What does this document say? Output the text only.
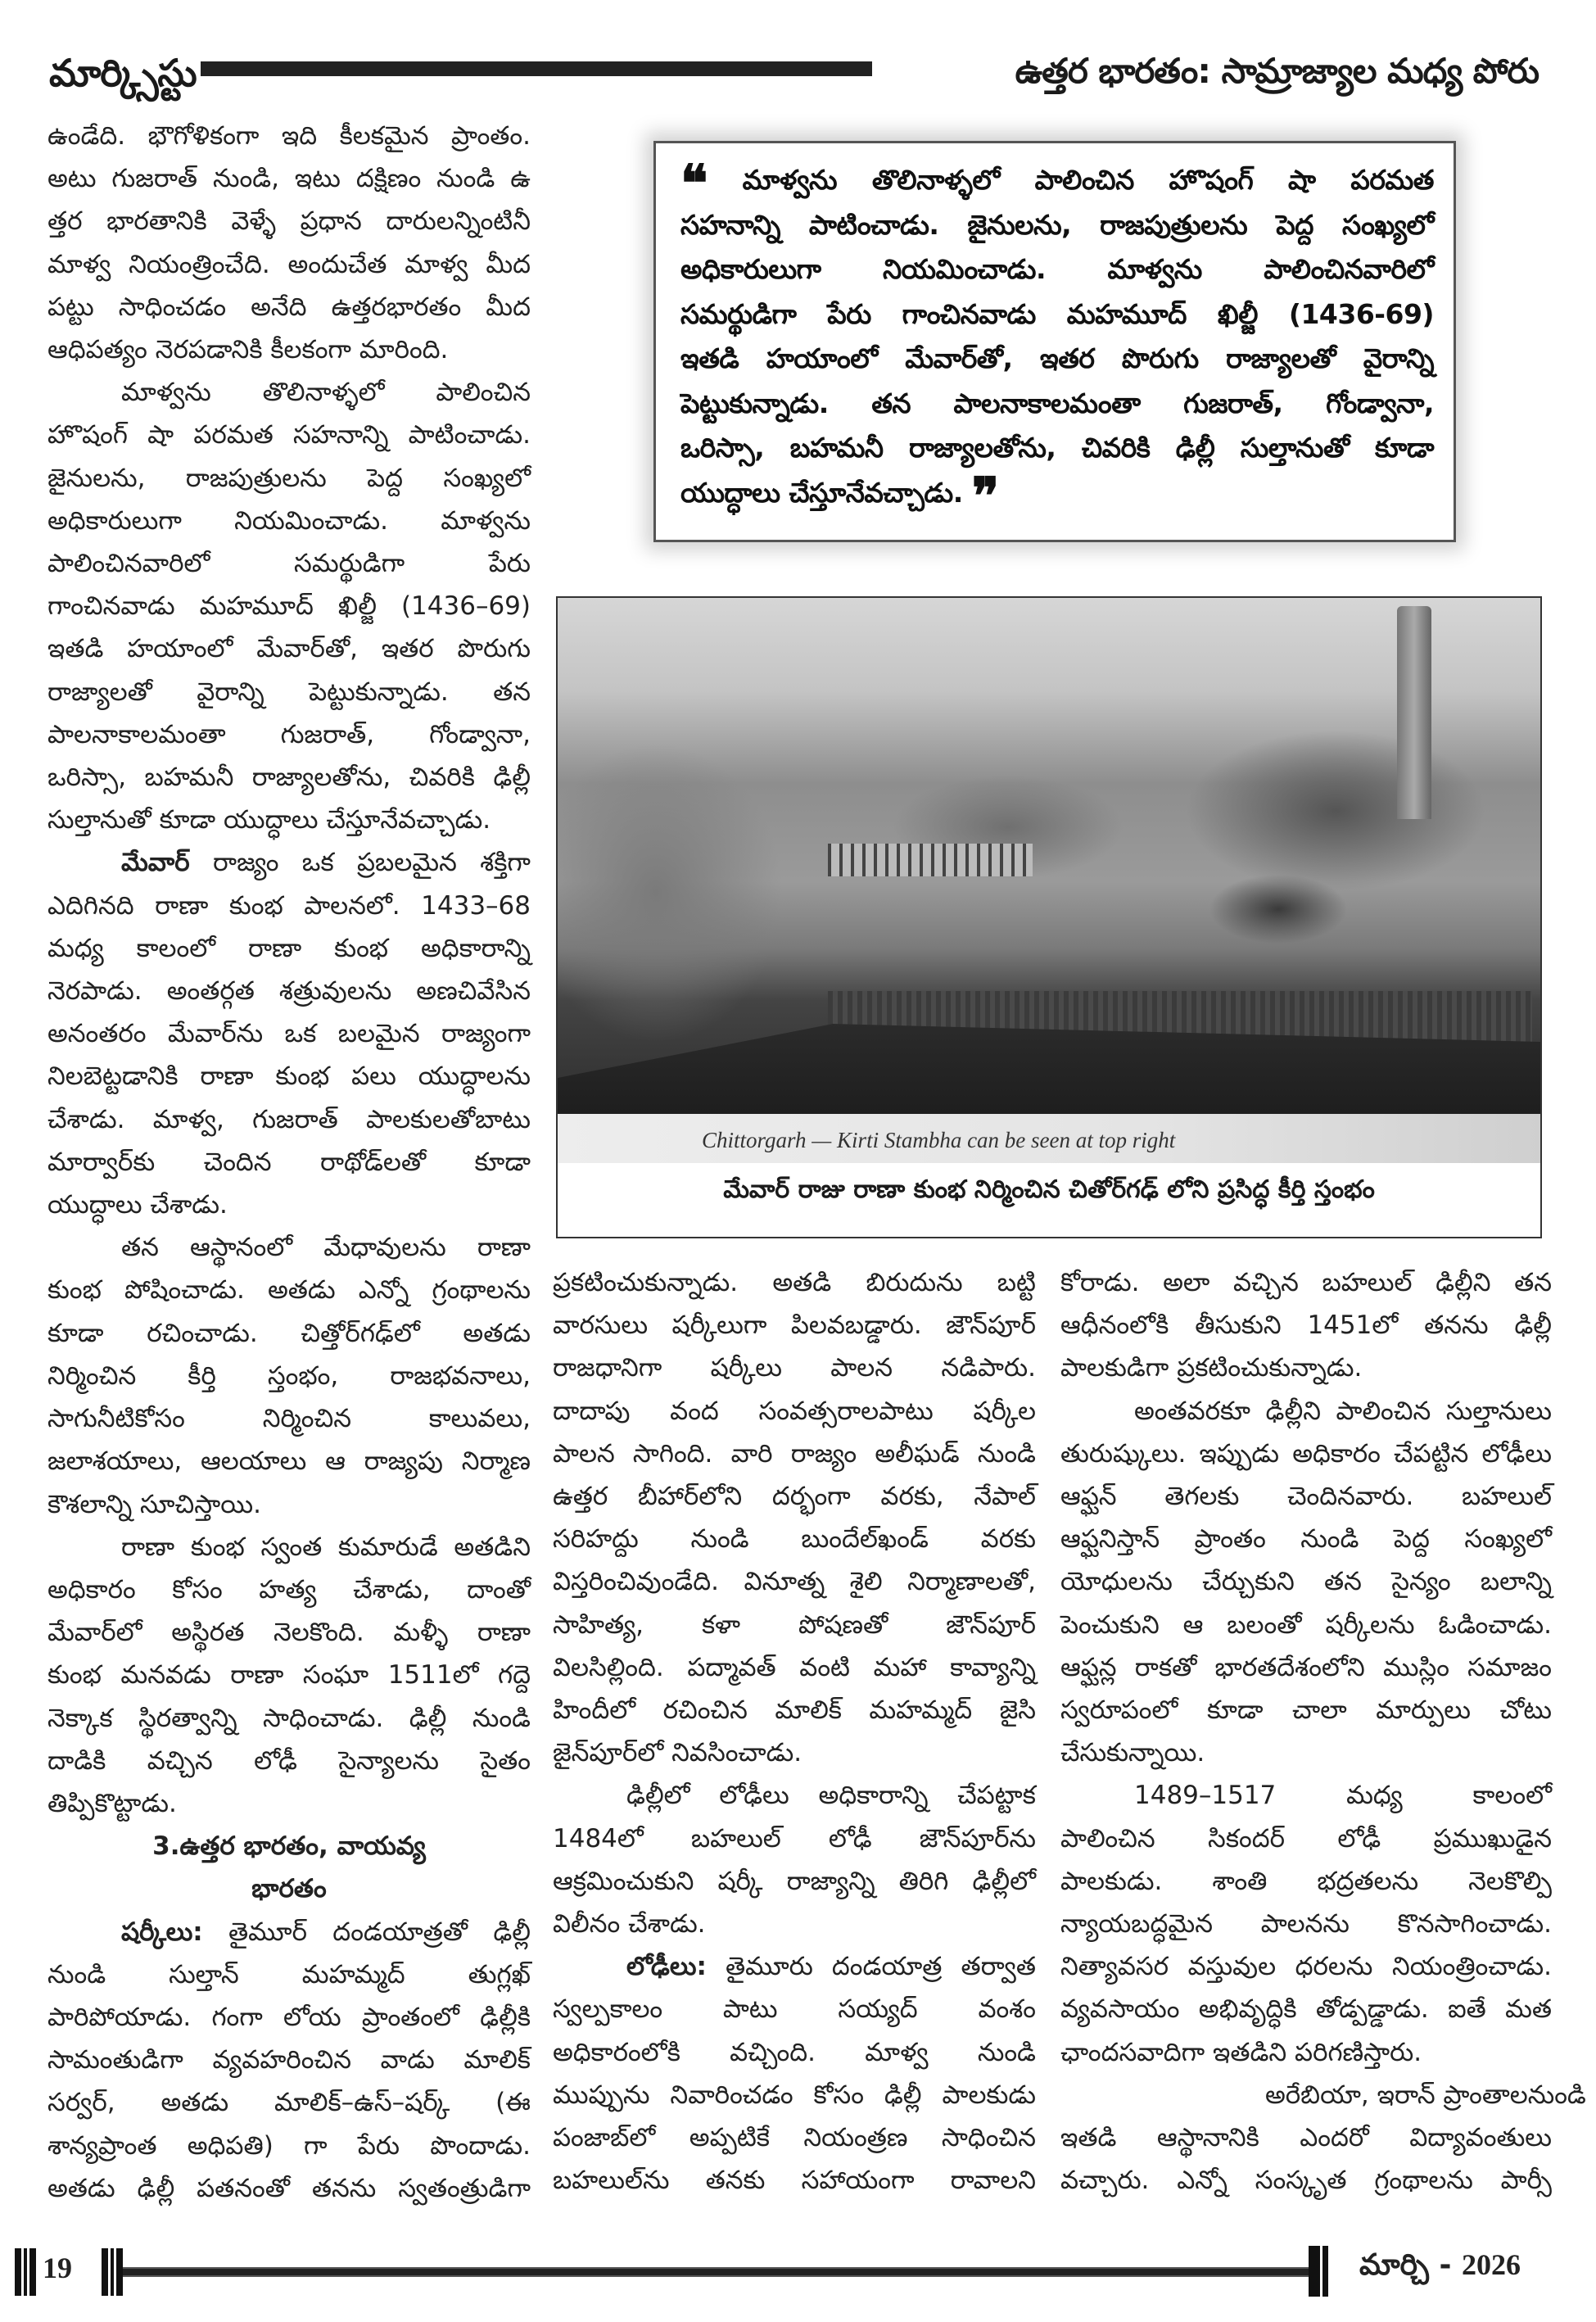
మార్క్సిస్టు	ఉత్తర భారతం: సామ్రాజ్యాల మధ్య పోరు
ఉండేది. భౌగోళికంగా ఇది కీలకమైన ప్రాంతం.
అటు గుజరాత్ నుండి, ఇటు దక్షిణం నుండి ఉ
త్తర భారతానికి వెళ్ళే ప్రధాన దారులన్నింటినీ
మాళ్వ నియంత్రించేది. అందుచేత మాళ్వ మీద
పట్టు సాధించడం అనేది ఉత్తరభారతం మీద
ఆధిపత్యం నెరపడానికి కీలకంగా మారింది.
మాళ్వను తొలినాళ్ళలో పాలించిన
హొషంగ్ షా పరమత సహనాన్ని పాటించాడు.
జైనులను, రాజపుత్రులను పెద్ద సంఖ్యలో
అధికారులుగా నియమించాడు. మాళ్వను
పాలించినవారిలో సమర్థుడిగా పేరు
గాంచినవాడు మహమూద్ ఖిల్జీ (1436–69)
ఇతడి హయాంలో మేవార్‌తో, ఇతర పొరుగు
రాజ్యాలతో వైరాన్ని పెట్టుకున్నాడు. తన
పాలనాకాలమంతా గుజరాత్, గోండ్వానా,
ఒరిస్సా, బహమనీ రాజ్యాలతోను, చివరికి ఢిల్లీ
సుల్తానుతో కూడా యుద్ధాలు చేస్తూనేవచ్చాడు.
మేవార్ రాజ్యం ఒక ప్రబలమైన శక్తిగా
ఎదిగినది రాణా కుంభ పాలనలో. 1433–68
మధ్య కాలంలో రాణా కుంభ అధికారాన్ని
నెరపాడు. అంతర్గత శత్రువులను అణచివేసిన
అనంతరం మేవార్‌ను ఒక బలమైన రాజ్యంగా
నిలబెట్టడానికి రాణా కుంభ పలు యుద్ధాలను
చేశాడు. మాళ్వ, గుజరాత్ పాలకులతోబాటు
మార్వార్‌కు చెందిన రాథోడ్‌లతో కూడా
యుద్ధాలు చేశాడు.
తన ఆస్థానంలో మేధావులను రాణా
కుంభ పోషించాడు. అతడు ఎన్నో గ్రంథాలను
కూడా రచించాడు. చిత్తోర్‌గఢ్‌లో అతడు
నిర్మించిన కీర్తి స్తంభం, రాజభవనాలు,
సాగునీటికోసం నిర్మించిన కాలువలు,
జలాశయాలు, ఆలయాలు ఆ రాజ్యపు నిర్మాణ
కౌశలాన్ని సూచిస్తాయి.
రాణా కుంభ స్వంత కుమారుడే అతడిని
అధికారం కోసం హత్య చేశాడు, దాంతో
మేవార్‌లో అస్థిరత నెలకొంది. మళ్ళీ రాణా
కుంభ మనవడు రాణా సంఘా 1511లో గద్దె
నెక్కాక స్థిరత్వాన్ని సాధించాడు. ఢిల్లీ నుండి
దాడికి వచ్చిన లోఢీ సైన్యాలను సైతం
తిప్పికొట్టాడు.
3.ఉత్తర భారతం, వాయవ్య
భారతం
షర్కీలు: తైమూర్ దండయాత్రతో ఢిల్లీ
నుండి సుల్తాన్ మహమ్మద్ తుగ్లఖ్
పారిపోయాడు. గంగా లోయ ప్రాంతంలో ఢిల్లీకి
సామంతుడిగా వ్యవహరించిన వాడు మాలిక్
సర్వర్, అతడు మాలిక్–ఉస్–షర్క్ (ఈ
శాన్యప్రాంత అధిపతి) గా పేరు పొందాడు.
అతడు ఢిల్లీ పతనంతో తనను స్వతంత్రుడిగా
❝ మాళ్వను తొలినాళ్ళలో పాలించిన హొషంగ్ షా పరమత
సహనాన్ని పాటించాడు. జైనులను, రాజపుత్రులను పెద్ద సంఖ్యలో
అధికారులుగా నియమించాడు. మాళ్వను పాలించినవారిలో
సమర్థుడిగా పేరు గాంచినవాడు మహమూద్ ఖిల్జీ (1436-69)
ఇతడి హయాంలో మేవార్‌తో, ఇతర పొరుగు రాజ్యాలతో వైరాన్ని
పెట్టుకున్నాడు. తన పాలనాకాలమంతా గుజరాత్, గోండ్వానా,
ఒరిస్సా, బహమనీ రాజ్యాలతోను, చివరికి ఢిల్లీ సుల్తానుతో కూడా
యుద్ధాలు చేస్తూనేవచ్చాడు. ❞
Chittorgarh — Kirti Stambha can be seen at top right
మేవార్ రాజు రాణా కుంభ నిర్మించిన చితోర్‌గఢ్ లోని ప్రసిద్ధ కీర్తి స్తంభం
ప్రకటించుకున్నాడు. అతడి బిరుదును బట్టి
వారసులు షర్కీలుగా పిలవబడ్డారు. జౌన్‌పూర్
రాజధానిగా షర్కీలు పాలన నడిపారు.
దాదాపు వంద సంవత్సరాలపాటు షర్కీల
పాలన సాగింది. వారి రాజ్యం అలీఘడ్ నుండి
ఉత్తర బీహార్‌లోని దర్భంగా వరకు, నేపాల్
సరిహద్దు నుండి బుందేల్‌ఖండ్ వరకు
విస్తరించివుండేది. వినూత్న శైలి నిర్మాణాలతో,
సాహిత్య, కళా పోషణతో జౌన్‌పూర్
విలసిల్లింది. పద్మావత్ వంటి మహా కావ్యాన్ని
హిందీలో రచించిన మాలిక్ మహమ్మద్ జైసి
జైన్‌పూర్‌లో నివసించాడు.
ఢిల్లీలో లోఢీలు అధికారాన్ని చేపట్టాక
1484లో బహలుల్ లోఢీ జౌన్‌పూర్‌ను
ఆక్రమించుకుని షర్కీ రాజ్యాన్ని తిరిగి ఢిల్లీలో
విలీనం చేశాడు.
లోఢీలు: తైమూరు దండయాత్ర తర్వాత
స్వల్పకాలం పాటు సయ్యద్ వంశం
అధికారంలోకి వచ్చింది. మాళ్వ నుండి
ముప్పును నివారించడం కోసం ఢిల్లీ పాలకుడు
పంజాబ్‌లో అప్పటికే నియంత్రణ సాధించిన
బహలుల్‌ను తనకు సహాయంగా రావాలని
కోరాడు. అలా వచ్చిన బహలుల్ ఢిల్లీని తన
ఆధీనంలోకి తీసుకుని 1451లో తనను ఢిల్లీ
పాలకుడిగా ప్రకటించుకున్నాడు.
అంతవరకూ ఢిల్లీని పాలించిన సుల్తానులు
తురుష్కులు. ఇప్పుడు అధికారం చేపట్టిన లోఢీలు
ఆఫ్ఘన్ తెగలకు చెందినవారు. బహలుల్
ఆఫ్ఘనిస్తాన్ ప్రాంతం నుండి పెద్ద సంఖ్యలో
యోధులను చేర్చుకుని తన సైన్యం బలాన్ని
పెంచుకుని ఆ బలంతో షర్కీలను ఓడించాడు.
ఆఫ్ఘన్ల రాకతో భారతదేశంలోని ముస్లిం సమాజం
స్వరూపంలో కూడా చాలా మార్పులు చోటు
చేసుకున్నాయి.
1489–1517 మధ్య కాలంలో
పాలించిన సికందర్ లోఢీ ప్రముఖుడైన
పాలకుడు. శాంతి భద్రతలను నెలకొల్పి
న్యాయబద్ధమైన పాలనను కొనసాగించాడు.
నిత్యావసర వస్తువుల ధరలను నియంత్రించాడు.
వ్యవసాయం అభివృద్ధికి తోడ్పడ్డాడు. ఐతే మత
ఛాందసవాదిగా ఇతడిని పరిగణిస్తారు.
అరేబియా, ఇరాన్ ప్రాంతాలనుండి
ఇతడి ఆస్థానానికి ఎందరో విద్యావంతులు
వచ్చారు. ఎన్నో సంస్కృత గ్రంథాలను పార్సీ
19	మార్చి - 2026
